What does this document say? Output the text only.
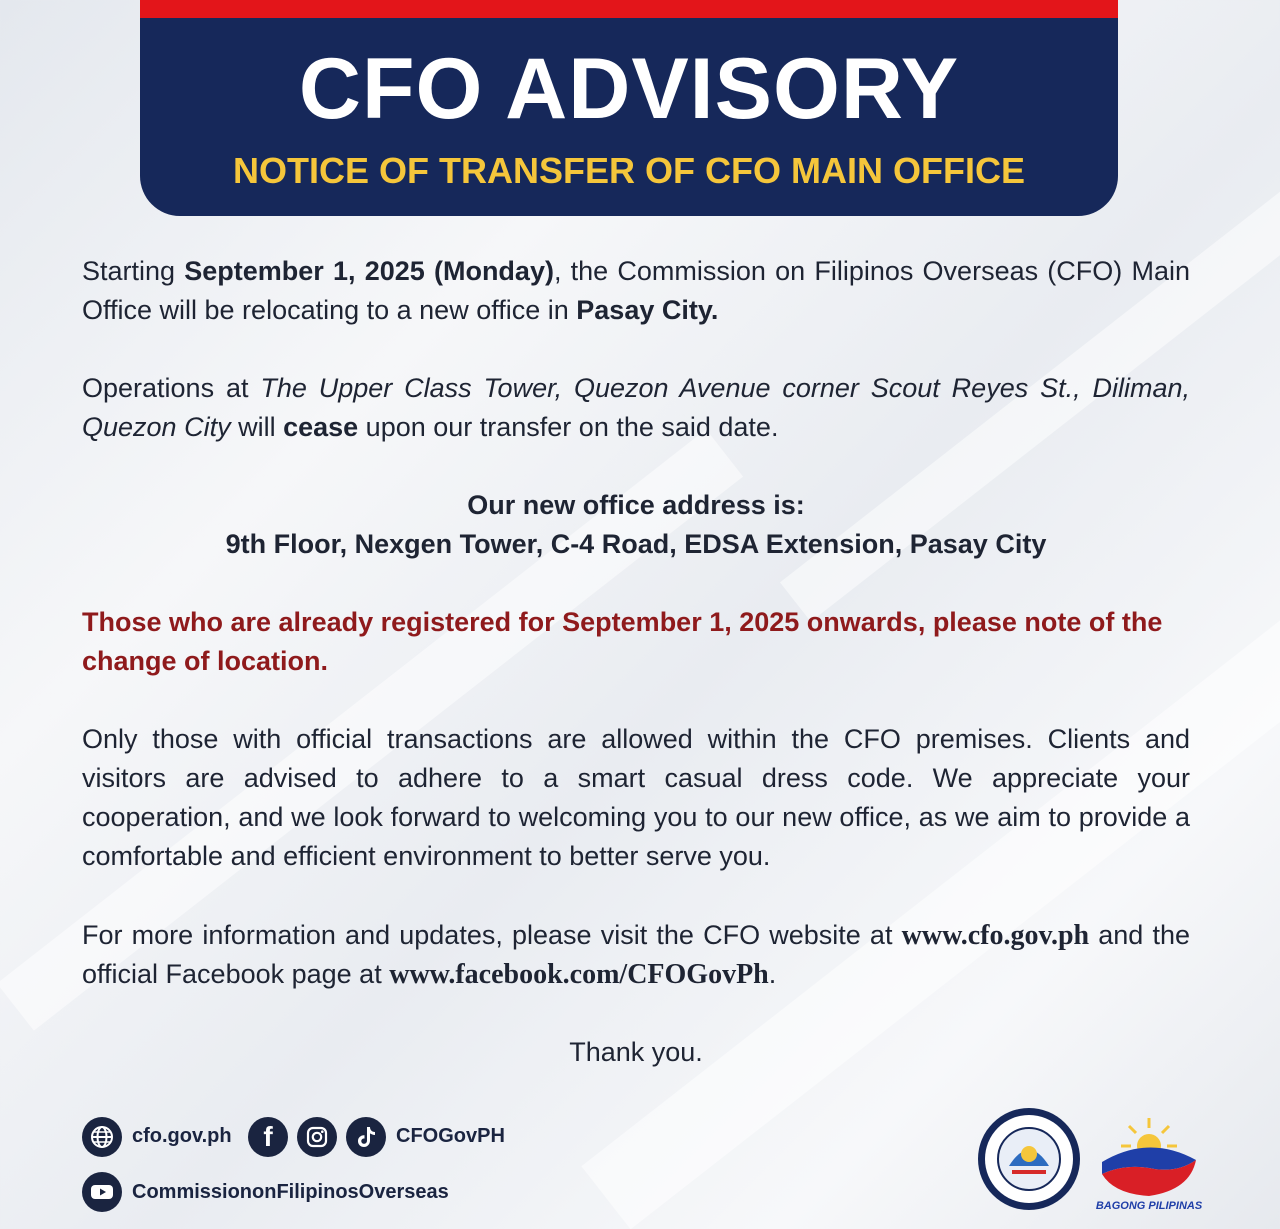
CFO ADVISORY
NOTICE OF TRANSFER OF CFO MAIN OFFICE
Starting September 1, 2025 (Monday), the Commission on Filipinos Overseas (CFO) Main Office will be relocating to a new office in Pasay City.
Operations at The Upper Class Tower, Quezon Avenue corner Scout Reyes St., Diliman, Quezon City will cease upon our transfer on the said date.
Our new office address is:
9th Floor, Nexgen Tower, C-4 Road, EDSA Extension, Pasay City
Those who are already registered for September 1, 2025 onwards, please note of the change of location.
Only those with official transactions are allowed within the CFO premises. Clients and visitors are advised to adhere to a smart casual dress code. We appreciate your cooperation, and we look forward to welcoming you to our new office, as we aim to provide a comfortable and efficient environment to better serve you.
For more information and updates, please visit the CFO website at www.cfo.gov.ph and the official Facebook page at www.facebook.com/CFOGovPh.
Thank you.
cfo.gov.ph	f	CFOGovPH
CommissiononFilipinosOverseas
BAGONG PILIPINAS
